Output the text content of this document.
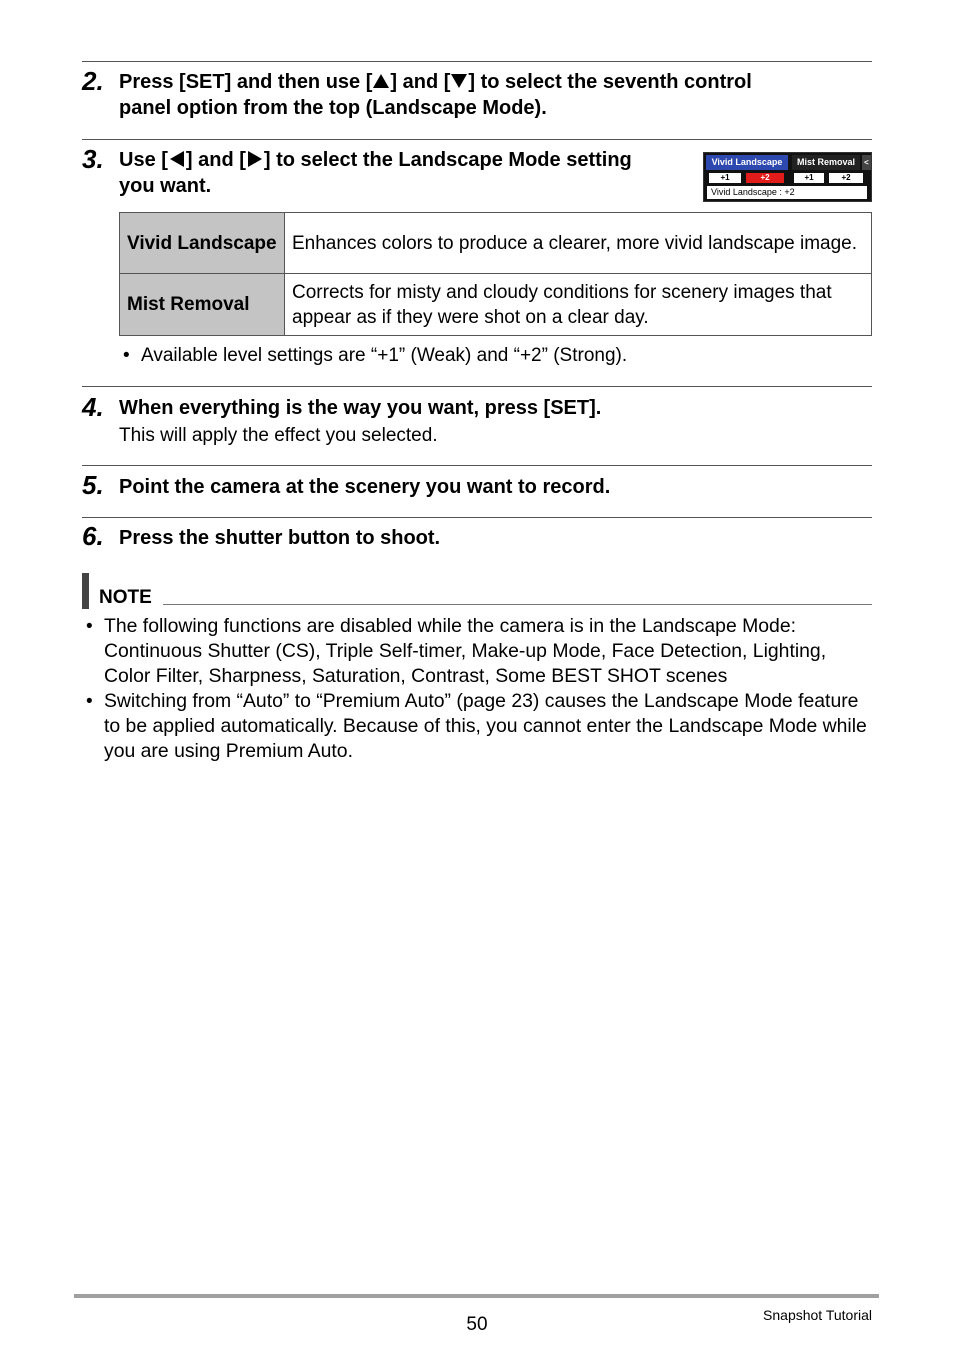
2. Press [SET] and then use [ ] and [ ] to select the seventh control
panel option from the top (Landscape Mode).
3. Use [ ] and [ ] to select the Landscape Mode setting
you want.
Vivid Landscape	Mist Removal	<
+1	+2	+1	+2
Vivid Landscape : +2
Vivid Landscape	Enhances colors to produce a clearer, more vivid landscape image.
Mist Removal	Corrects for misty and cloudy conditions for scenery images that appear as if they were shot on a clear day.
• Available level settings are “+1” (Weak) and “+2” (Strong).
4. When everything is the way you want, press [SET].
This will apply the effect you selected.
5. Point the camera at the scenery you want to record.
6. Press the shutter button to shoot.
NOTE
• The following functions are disabled while the camera is in the Landscape Mode: Continuous Shutter (CS), Triple Self-timer, Make-up Mode, Face Detection, Lighting, Color Filter, Sharpness, Saturation, Contrast, Some BEST SHOT scenes
• Switching from “Auto” to “Premium Auto” (page 23) causes the Landscape Mode feature to be applied automatically. Because of this, you cannot enter the Landscape Mode while you are using Premium Auto.
50	Snapshot Tutorial
